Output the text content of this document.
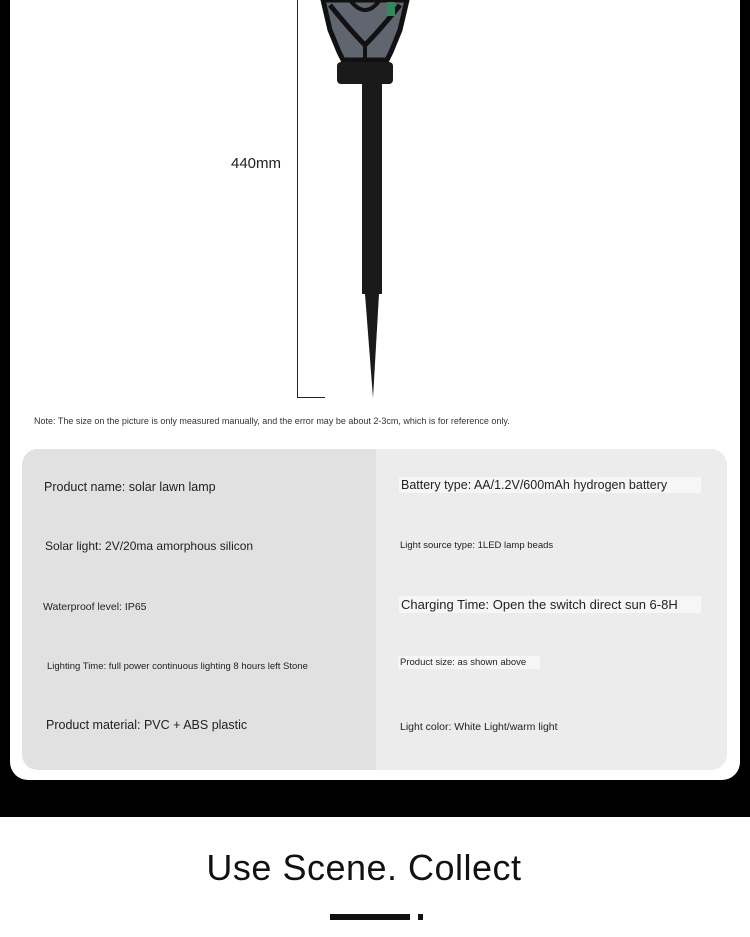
440mm
Note: The size on the picture is only measured manually, and the error may be about 2-3cm, which is for reference only.
Product name: solar lawn lamp
Solar light: 2V/20ma amorphous silicon
Waterproof level: IP65
Lighting Time: full power continuous lighting 8 hours left Stone
Product material: PVC + ABS plastic
Battery type: AA/1.2V/600mAh hydrogen battery
Light source type: 1LED lamp beads
Charging Time: Open the switch direct sun 6-8H
Product size: as shown above
Light color: White Light/warm light
Use Scene. Collect
